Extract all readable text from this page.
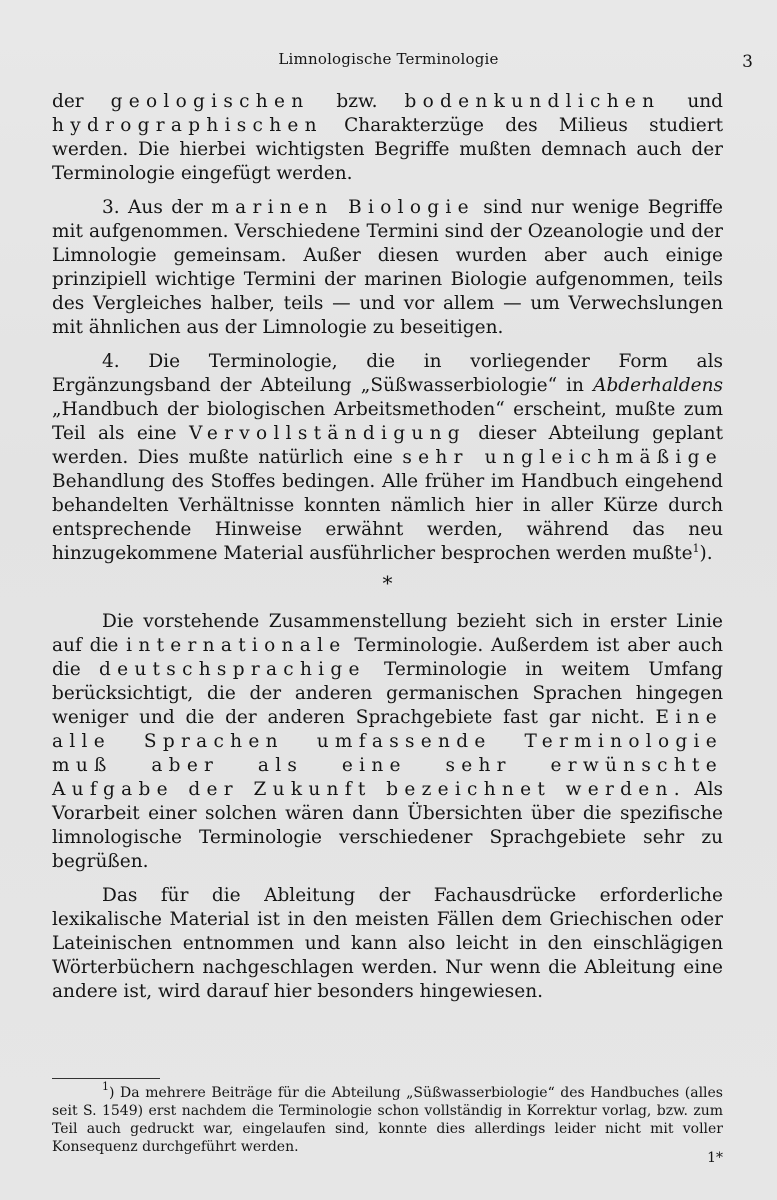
Limnologische Terminologie	3

der geologischen bzw. bodenkundlichen und hydrographischen Charakterzüge des Milieus studiert werden. Die hierbei wichtigsten Begriffe mußten demnach auch der Terminologie eingefügt werden.

3. Aus der marinen Biologie sind nur wenige Begriffe mit aufgenommen. Verschiedene Termini sind der Ozeanologie und der Limnologie gemeinsam. Außer diesen wurden aber auch einige prinzipiell wichtige Termini der marinen Biologie aufgenommen, teils des Vergleiches halber, teils — und vor allem — um Verwechslungen mit ähnlichen aus der Limnologie zu beseitigen.

4. Die Terminologie, die in vorliegender Form als Ergänzungsband der Abteilung „Süßwasserbiologie“ in Abderhaldens „Handbuch der biologischen Arbeitsmethoden“ erscheint, mußte zum Teil als eine Vervollständigung dieser Abteilung geplant werden. Dies mußte natürlich eine sehr ungleichmäßige Behandlung des Stoffes bedingen. Alle früher im Handbuch eingehend behandelten Verhältnisse konnten nämlich hier in aller Kürze durch entsprechende Hinweise erwähnt werden, während das neu hinzugekommene Material ausführlicher besprochen werden mußte$^1$).

*

Die vorstehende Zusammenstellung bezieht sich in erster Linie auf die internationale Terminologie. Außerdem ist aber auch die deutschsprachige Terminologie in weitem Umfang berücksichtigt, die der anderen germanischen Sprachen hingegen weniger und die der anderen Sprachgebiete fast gar nicht. Eine alle Sprachen umfassende Terminologie muß aber als eine sehr erwünschte Aufgabe der Zukunft bezeichnet werden. Als Vorarbeit einer solchen wären dann Übersichten über die spezifische limnologische Terminologie verschiedener Sprachgebiete sehr zu begrüßen.

Das für die Ableitung der Fachausdrücke erforderliche lexikalische Material ist in den meisten Fällen dem Griechischen oder Lateinischen entnommen und kann also leicht in den einschlägigen Wörterbüchern nachgeschlagen werden. Nur wenn die Ableitung eine andere ist, wird darauf hier besonders hingewiesen.

$^1$) Da mehrere Beiträge für die Abteilung „Süßwasserbiologie“ des Handbuches (alles seit S. 1549) erst nachdem die Terminologie schon vollständig in Korrektur vorlag, bzw. zum Teil auch gedruckt war, eingelaufen sind, konnte dies allerdings leider nicht mit voller Konsequenz durchgeführt werden.

1*
